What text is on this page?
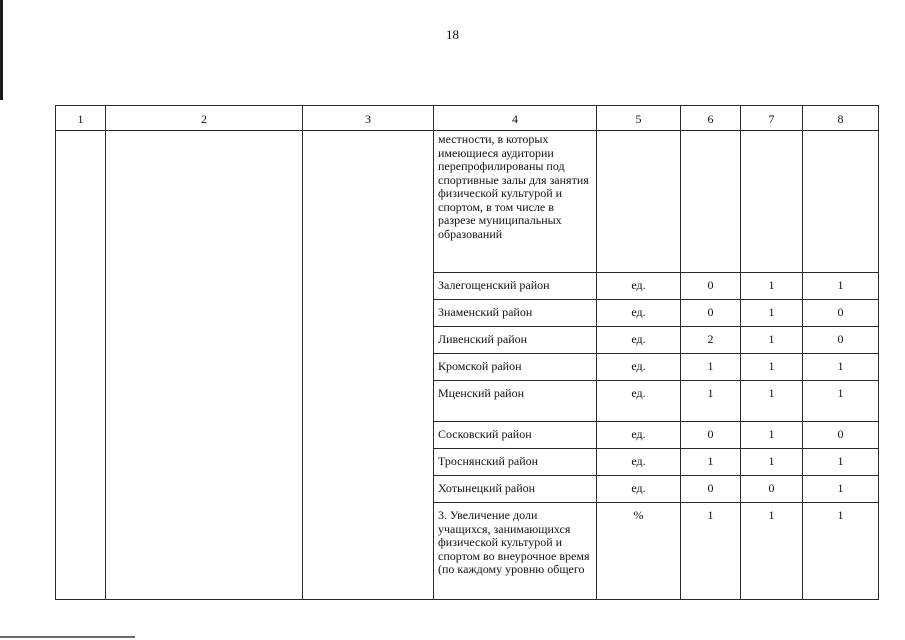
18
1	2	3	4	5	6	7	8
			местности, в которых имеющиеся аудитории перепрофилированы под спортивные залы для занятия физической культурой и спортом, в том числе в разрезе муниципальных образований				
			Залегощенский район	ед.	0	1	1
			Знаменский район	ед.	0	1	0
			Ливенский район	ед.	2	1	0
			Кромской район	ед.	1	1	1
			Мценский район	ед.	1	1	1
			Сосковский район	ед.	0	1	0
			Троснянский район	ед.	1	1	1
			Хотынецкий район	ед.	0	0	1
			3. Увеличение доли учащихся, занимающихся физической культурой и спортом во внеурочное время (по каждому уровню общего	%	1	1	1
